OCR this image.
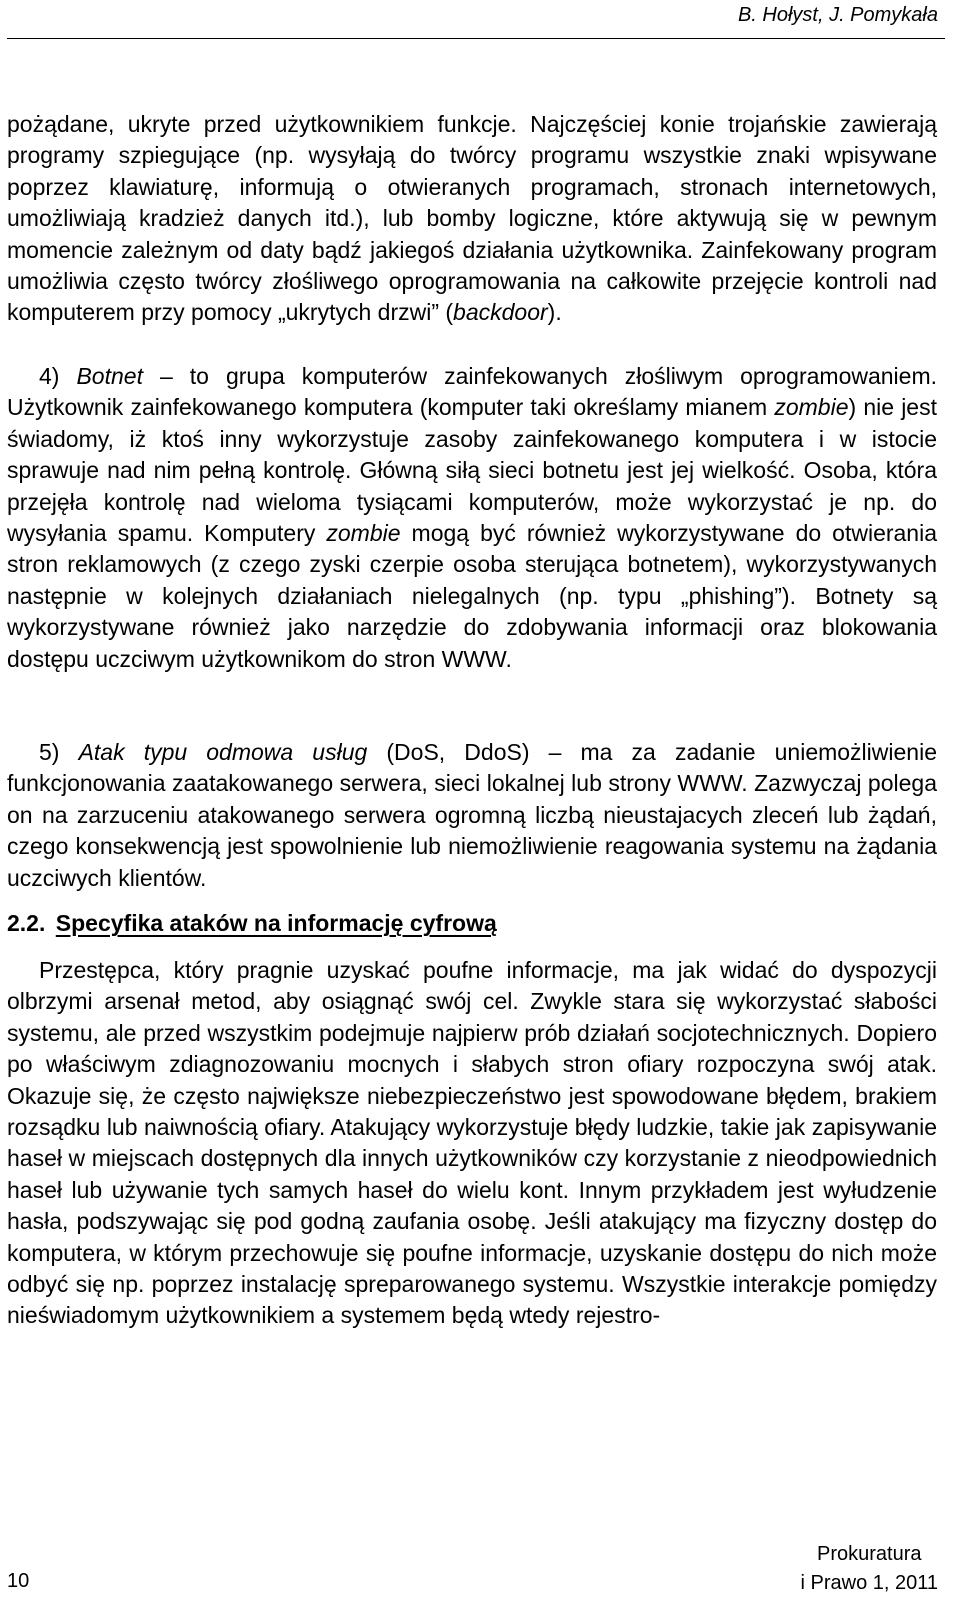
B. Hołyst, J. Pomykała

pożądane, ukryte przed użytkownikiem funkcje. Najczęściej konie trojańskie zawierają programy szpiegujące (np. wysyłają do twórcy programu wszystkie znaki wpisywane poprzez klawiaturę, informują o otwieranych programach, stronach internetowych, umożliwiają kradzież danych itd.), lub bomby logiczne, które aktywują się w pewnym momencie zależnym od daty bądź jakiegoś działania użytkownika. Zainfekowany program umożliwia często twórcy złośliwego oprogramowania na całkowite przejęcie kontroli nad komputerem przy pomocy „ukrytych drzwi” (backdoor).

4) Botnet – to grupa komputerów zainfekowanych złośliwym oprogramowaniem. Użytkownik zainfekowanego komputera (komputer taki określamy mianem zombie) nie jest świadomy, iż ktoś inny wykorzystuje zasoby zainfekowanego komputera i w istocie sprawuje nad nim pełną kontrolę. Główną siłą sieci botnetu jest jej wielkość. Osoba, która przejęła kontrolę nad wieloma tysiącami komputerów, może wykorzystać je np. do wysyłania spamu. Komputery zombie mogą być również wykorzystywane do otwierania stron reklamowych (z czego zyski czerpie osoba sterująca botnetem), wykorzystywanych następnie w kolejnych działaniach nielegalnych (np. typu „phishing”). Botnety są wykorzystywane również jako narzędzie do zdobywania informacji oraz blokowania dostępu uczciwym użytkownikom do stron WWW.

5) Atak typu odmowa usług (DoS, DdoS) – ma za zadanie uniemożliwienie funkcjonowania zaatakowanego serwera, sieci lokalnej lub strony WWW. Zazwyczaj polega on na zarzuceniu atakowanego serwera ogromną liczbą nieustajacych zleceń lub żądań, czego konsekwencją jest spowolnienie lub niemożliwienie reagowania systemu na żądania uczciwych klientów.

2.2. Specyfika ataków na informację cyfrową

Przestępca, który pragnie uzyskać poufne informacje, ma jak widać do dyspozycji olbrzymi arsenał metod, aby osiągnąć swój cel. Zwykle stara się wykorzystać słabości systemu, ale przed wszystkim podejmuje najpierw prób działań socjotechnicznych. Dopiero po właściwym zdiagnozowaniu mocnych i słabych stron ofiary rozpoczyna swój atak. Okazuje się, że często największe niebezpieczeństwo jest spowodowane błędem, brakiem rozsądku lub naiwnością ofiary. Atakujący wykorzystuje błędy ludzkie, takie jak zapisywanie haseł w miejscach dostępnych dla innych użytkowników czy korzystanie z nieodpowiednich haseł lub używanie tych samych haseł do wielu kont. Innym przykładem jest wyłudzenie hasła, podszywając się pod godną zaufania osobę. Jeśli atakujący ma fizyczny dostęp do komputera, w którym przechowuje się poufne informacje, uzyskanie dostępu do nich może odbyć się np. poprzez instalację spreparowanego systemu. Wszystkie interakcje pomiędzy nieświadomym użytkownikiem a systemem będą wtedy rejestro-

10
Prokuratura
i Prawo 1, 2011
